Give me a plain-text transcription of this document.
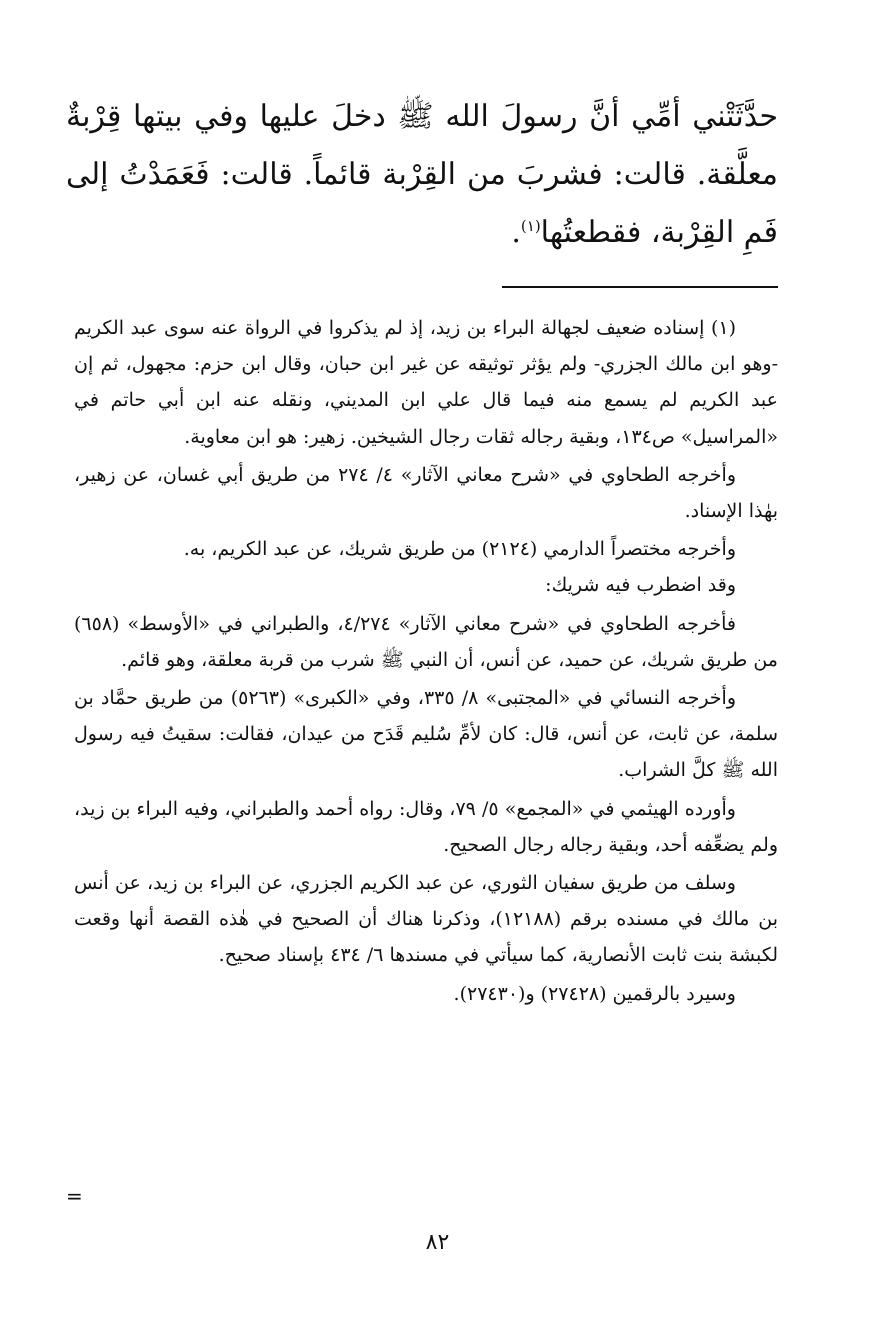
حدَّثَتْني أمِّي أنَّ رسولَ الله ﷺ دخلَ عليها وفي بيتها قِرْبةٌ معلَّقة. قالت: فشربَ من القِرْبة قائماً. قالت: فَعَمَدْتُ إلى فَمِ القِرْبة، فقطعتُها$^{(١)}$.

(١) إسناده ضعيف لجهالة البراء بن زيد، إذ لم يذكروا في الرواة عنه سوى عبد الكريم -وهو ابن مالك الجزري- ولم يؤثر توثيقه عن غير ابن حبان، وقال ابن حزم: مجهول، ثم إن عبد الكريم لم يسمع منه فيما قال علي ابن المديني، ونقله عنه ابن أبي حاتم في «المراسيل» ص١٣٤، وبقية رجاله ثقات رجال الشيخين. زهير: هو ابن معاوية.

وأخرجه الطحاوي في «شرح معاني الآثار» ٤/ ٢٧٤ من طريق أبي غسان، عن زهير، بهٰذا الإسناد.

وأخرجه مختصراً الدارمي (٢١٢٤) من طريق شريك، عن عبد الكريم، به.

وقد اضطرب فيه شريك:

فأخرجه الطحاوي في «شرح معاني الآثار» ٤/٢٧٤، والطبراني في «الأوسط» (٦٥٨) من طريق شريك، عن حميد، عن أنس، أن النبي ﷺ شرب من قربة معلقة، وهو قائم.

وأخرجه النسائي في «المجتبى» ٨/ ٣٣٥، وفي «الكبرى» (٥٢٦٣) من طريق حمَّاد بن سلمة، عن ثابت، عن أنس، قال: كان لأمِّ سُليم قَدَح من عيدان، فقالت: سقيتُ فيه رسول الله ﷺ كلَّ الشراب.

وأورده الهيثمي في «المجمع» ٥/ ٧٩، وقال: رواه أحمد والطبراني، وفيه البراء بن زيد، ولم يضعِّفه أحد، وبقية رجاله رجال الصحيح.

وسلف من طريق سفيان الثوري، عن عبد الكريم الجزري، عن البراء بن زيد، عن أنس بن مالك في مسنده برقم (١٢١٨٨)، وذكرنا هناك أن الصحيح في هٰذه القصة أنها وقعت لكبشة بنت ثابت الأنصارية، كما سيأتي في مسندها ٦/ ٤٣٤ بإسناد صحيح.

وسيرد بالرقمين (٢٧٤٢٨) و(٢٧٤٣٠).

=
٨٢
